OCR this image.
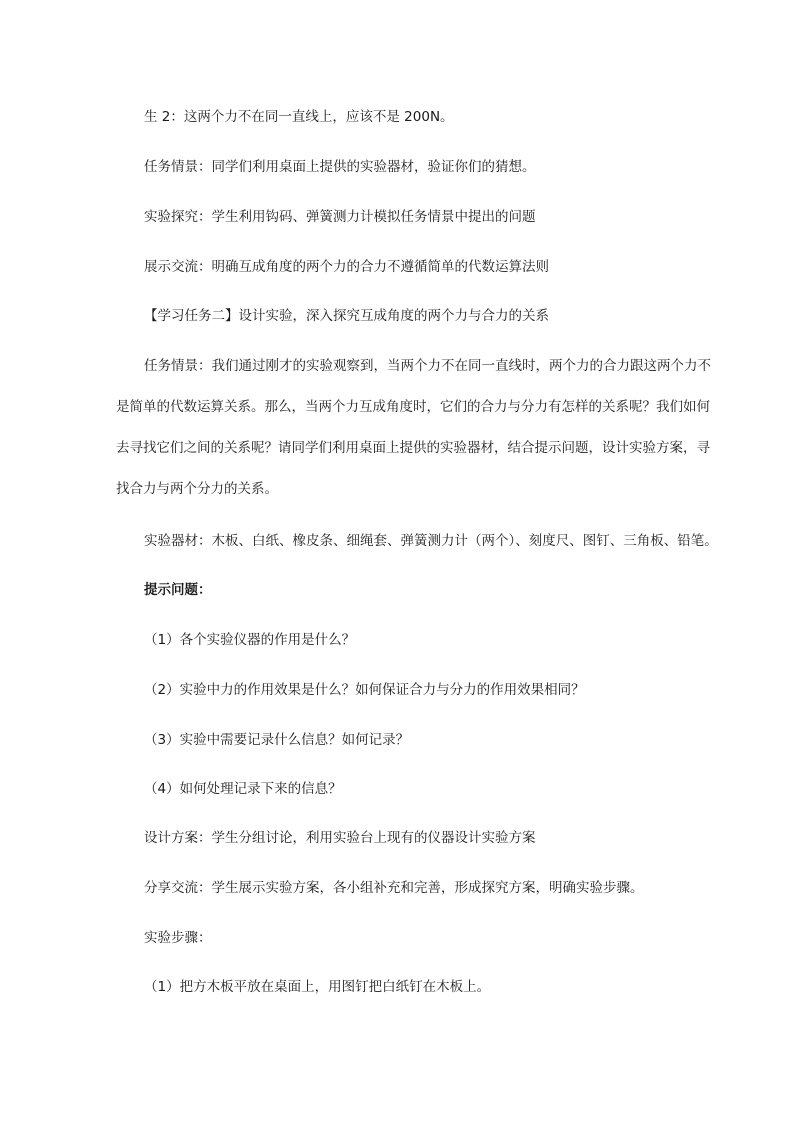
生 2：这两个力不在同一直线上，应该不是 200N。
任务情景：同学们利用桌面上提供的实验器材，验证你们的猜想。
实验探究：学生利用钩码、弹簧测力计模拟任务情景中提出的问题
展示交流：明确互成角度的两个力的合力不遵循简单的代数运算法则
【学习任务二】设计实验，深入探究互成角度的两个力与合力的关系
任务情景：我们通过刚才的实验观察到，当两个力不在同一直线时，两个力的合力跟这两个力不
是简单的代数运算关系。那么，当两个力互成角度时，它们的合力与分力有怎样的关系呢？我们如何
去寻找它们之间的关系呢？请同学们利用桌面上提供的实验器材，结合提示问题，设计实验方案，寻
找合力与两个分力的关系。
实验器材：木板、白纸、橡皮条、细绳套、弹簧测力计（两个）、刻度尺、图钉、三角板、铅笔。
提示问题：
（1）各个实验仪器的作用是什么？
（2）实验中力的作用效果是什么？如何保证合力与分力的作用效果相同？
（3）实验中需要记录什么信息？如何记录？
（4）如何处理记录下来的信息？
设计方案：学生分组讨论，利用实验台上现有的仪器设计实验方案
分享交流：学生展示实验方案，各小组补充和完善，形成探究方案，明确实验步骤。
实验步骤：
（1）把方木板平放在桌面上，用图钉把白纸钉在木板上。
